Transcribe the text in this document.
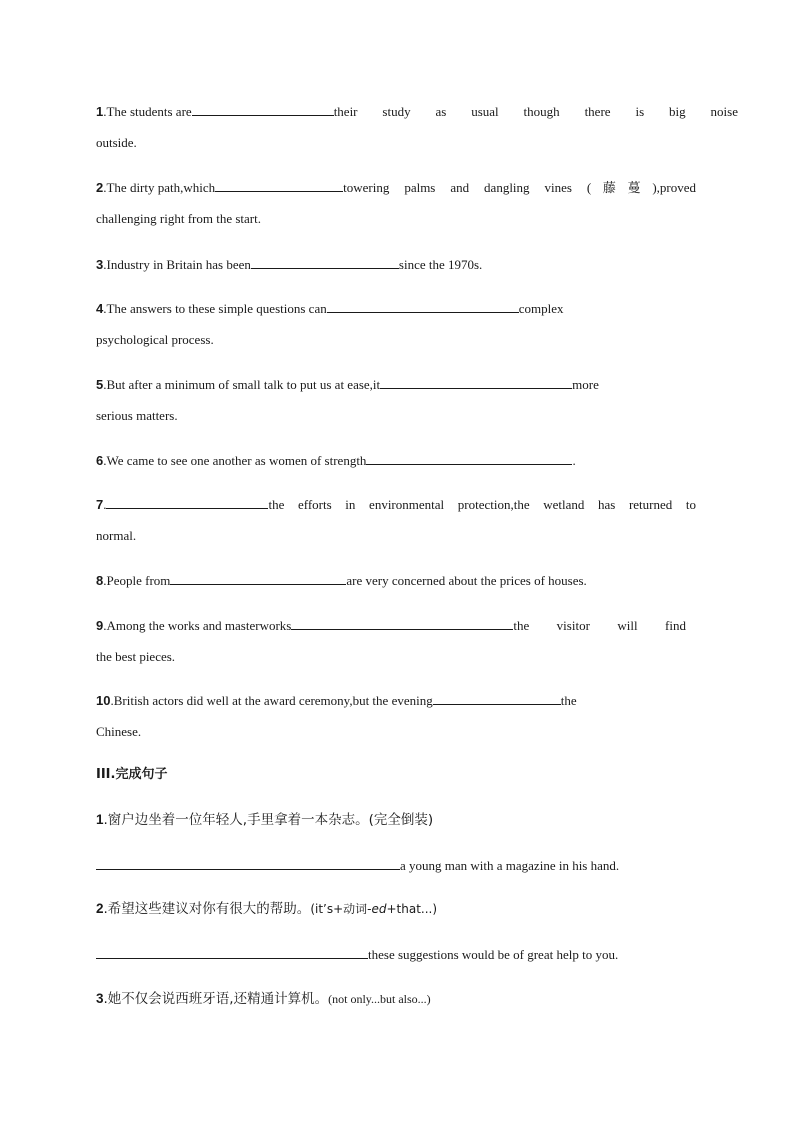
1.The students are	their study as usual though there is big noise
outside.
2.The dirty path,which	towering palms and dangling vines (藤蔓),proved
challenging right from the start.
3 .Industry in Britain has been	since the 1970s.
4 .The answers to these simple questions can	complex
psychological process.
5 .But after a minimum of small talk to put us at ease,it	more
serious matters.
6 .We came to see one another as women of strength	.
7.	the efforts in environmental protection,the wetland has returned to
normal.
8 .People from	are very concerned about the prices of houses.
9.Among the works and masterworks	the visitor will find
the best pieces.
10 .British actors did well at the award ceremony,but the evening	the
Chinese.
III.完成句子
1.窗户边坐着一位年轻人,手里拿着一本杂志。(完全倒装)
a young man with a magazine in his hand.
2.希望这些建议对你有很大的帮助。(it’s+动词-ed+that...)
these suggestions would be of great help to you.
3.她不仅会说西班牙语,还精通计算机。(not only...but also...)
